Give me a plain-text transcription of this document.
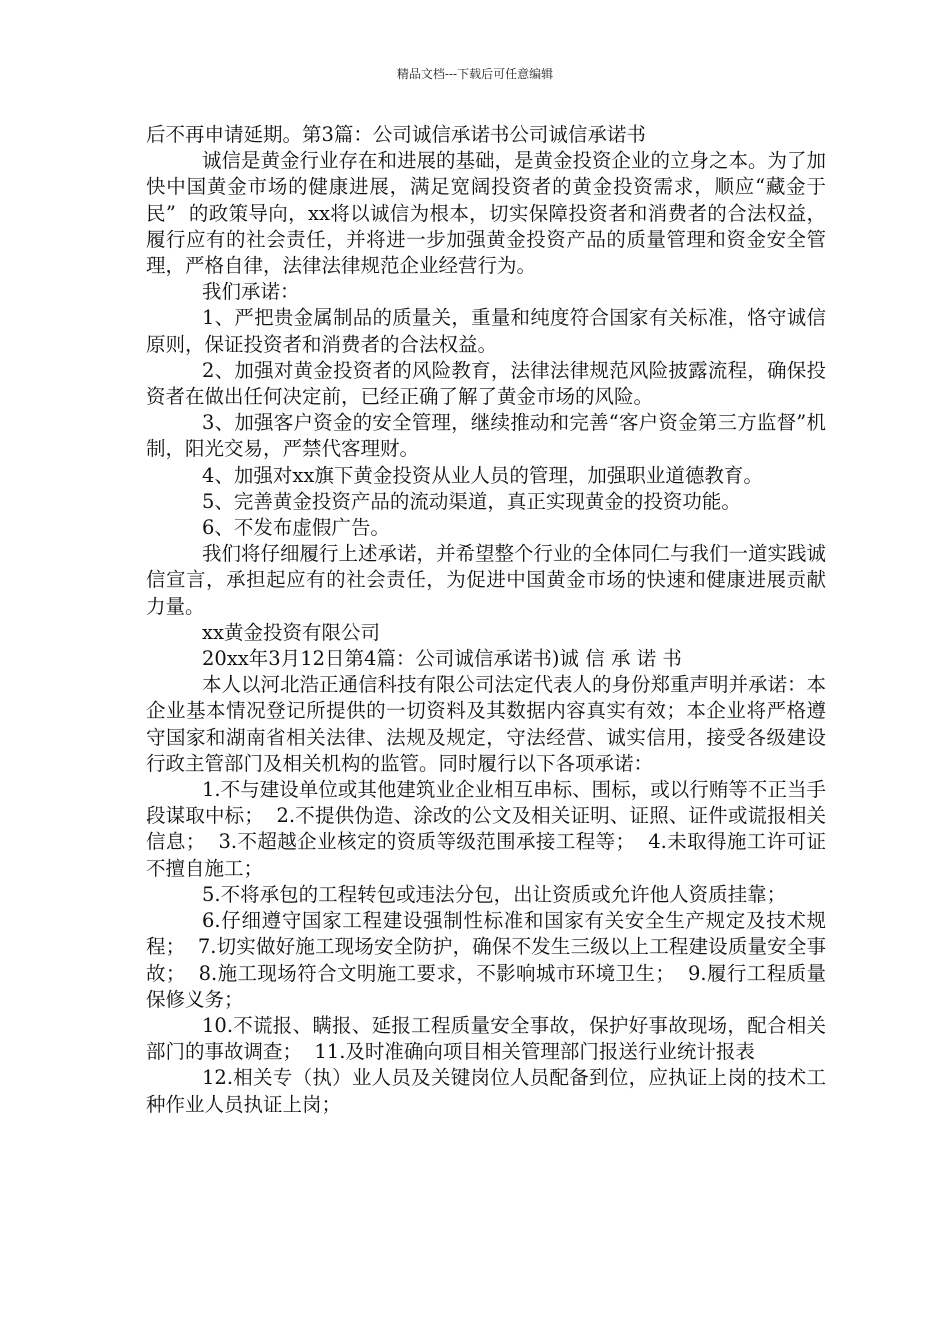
精品文档---下载后可任意编辑

后不再申请延期。第3篇：公司诚信承诺书公司诚信承诺书

诚信是黄金行业存在和进展的基础，是黄金投资企业的立身之本。为了加快中国黄金市场的健康进展，满足宽阔投资者的黄金投资需求，顺应“藏金于民”  的政策导向，xx将以诚信为根本，切实保障投资者和消费者的合法权益，履行应有的社会责任，并将进一步加强黄金投资产品的质量管理和资金安全管理，严格自律，法律法律规范企业经营行为。

我们承诺：

1、严把贵金属制品的质量关，重量和纯度符合国家有关标准，恪守诚信原则，保证投资者和消费者的合法权益。

2、加强对黄金投资者的风险教育，法律法律规范风险披露流程，确保投资者在做出任何决定前，已经正确了解了黄金市场的风险。

3、加强客户资金的安全管理，继续推动和完善“客户资金第三方监督”机制，阳光交易，严禁代客理财。

4、加强对xx旗下黄金投资从业人员的管理，加强职业道德教育。

5、完善黄金投资产品的流动渠道，真正实现黄金的投资功能。

6、不发布虚假广告。

我们将仔细履行上述承诺，并希望整个行业的全体同仁与我们一道实践诚信宣言，承担起应有的社会责任，为促进中国黄金市场的快速和健康进展贡献力量。

xx黄金投资有限公司

20xx年3月12日第4篇：公司诚信承诺书)诚 信 承 诺 书

本人以河北浩正通信科技有限公司法定代表人的身份郑重声明并承诺：本企业基本情况登记所提供的一切资料及其数据内容真实有效；本企业将严格遵守国家和湖南省相关法律、法规及规定，守法经营、诚实信用，接受各级建设行政主管部门及相关机构的监管。同时履行以下各项承诺：

1.不与建设单位或其他建筑业企业相互串标、围标，或以行贿等不正当手段谋取中标；  2.不提供伪造、涂改的公文及相关证明、证照、证件或谎报相关信息；  3.不超越企业核定的资质等级范围承接工程等；  4.未取得施工许可证不擅自施工；

5.不将承包的工程转包或违法分包，出让资质或允许他人资质挂靠；

6.仔细遵守国家工程建设强制性标准和国家有关安全生产规定及技术规程；  7.切实做好施工现场安全防护，确保不发生三级以上工程建设质量安全事故；  8.施工现场符合文明施工要求，不影响城市环境卫生；  9.履行工程质量保修义务；

10.不谎报、瞒报、延报工程质量安全事故，保护好事故现场，配合相关部门的事故调查；  11.及时准确向项目相关管理部门报送行业统计报表

12.相关专（执）业人员及关键岗位人员配备到位，应执证上岗的技术工种作业人员执证上岗；
